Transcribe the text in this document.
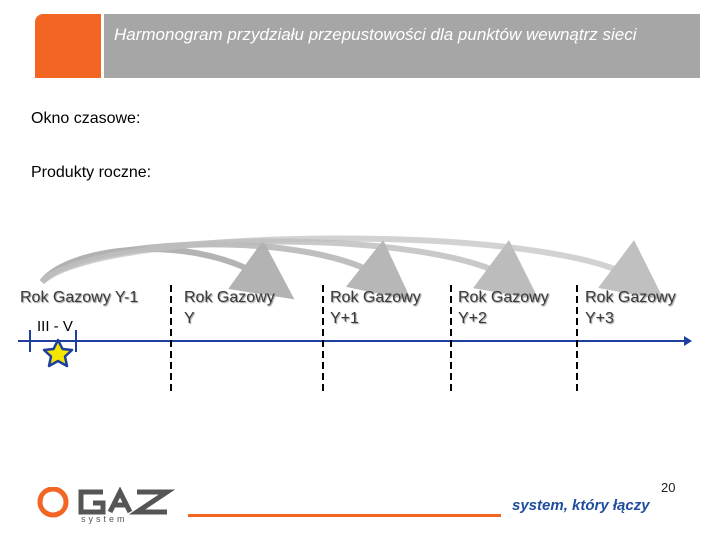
Harmonogram przydziału przepustowości dla punktów wewnątrz sieci
Okno czasowe:
Produkty roczne:
Rok Gazowy Y-1
III - V
Rok Gazowy
Y
Rok Gazowy
Y+1
Rok Gazowy
Y+2
Rok Gazowy
Y+3
system
20
system, który łączy
